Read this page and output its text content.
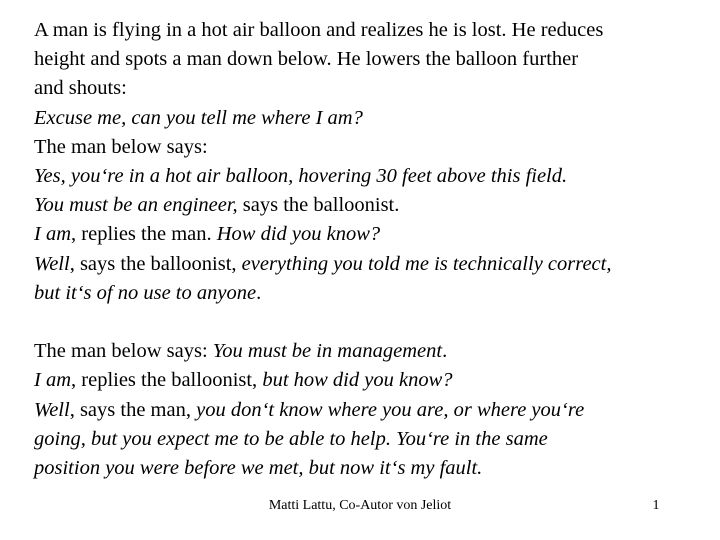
A man is flying in a hot air balloon and realizes he is lost. He reduces
height and spots a man down below. He lowers the balloon further
and shouts:
Excuse me, can you tell me where I am?
The man below says:
Yes, you‘re in a hot air balloon, hovering 30 feet above this field.
You must be an engineer, says the balloonist.
I am, replies the man. How did you know?
Well, says the balloonist, everything you told me is technically correct,
but it‘s of no use to anyone.
The man below says: You must be in management.
I am, replies the balloonist, but how did you know?
Well, says the man, you don‘t know where you are, or where you‘re
going, but you expect me to be able to help. You‘re in the same
position you were before we met, but now it‘s my fault.
Matti Lattu, Co-Autor von Jeliot	1
